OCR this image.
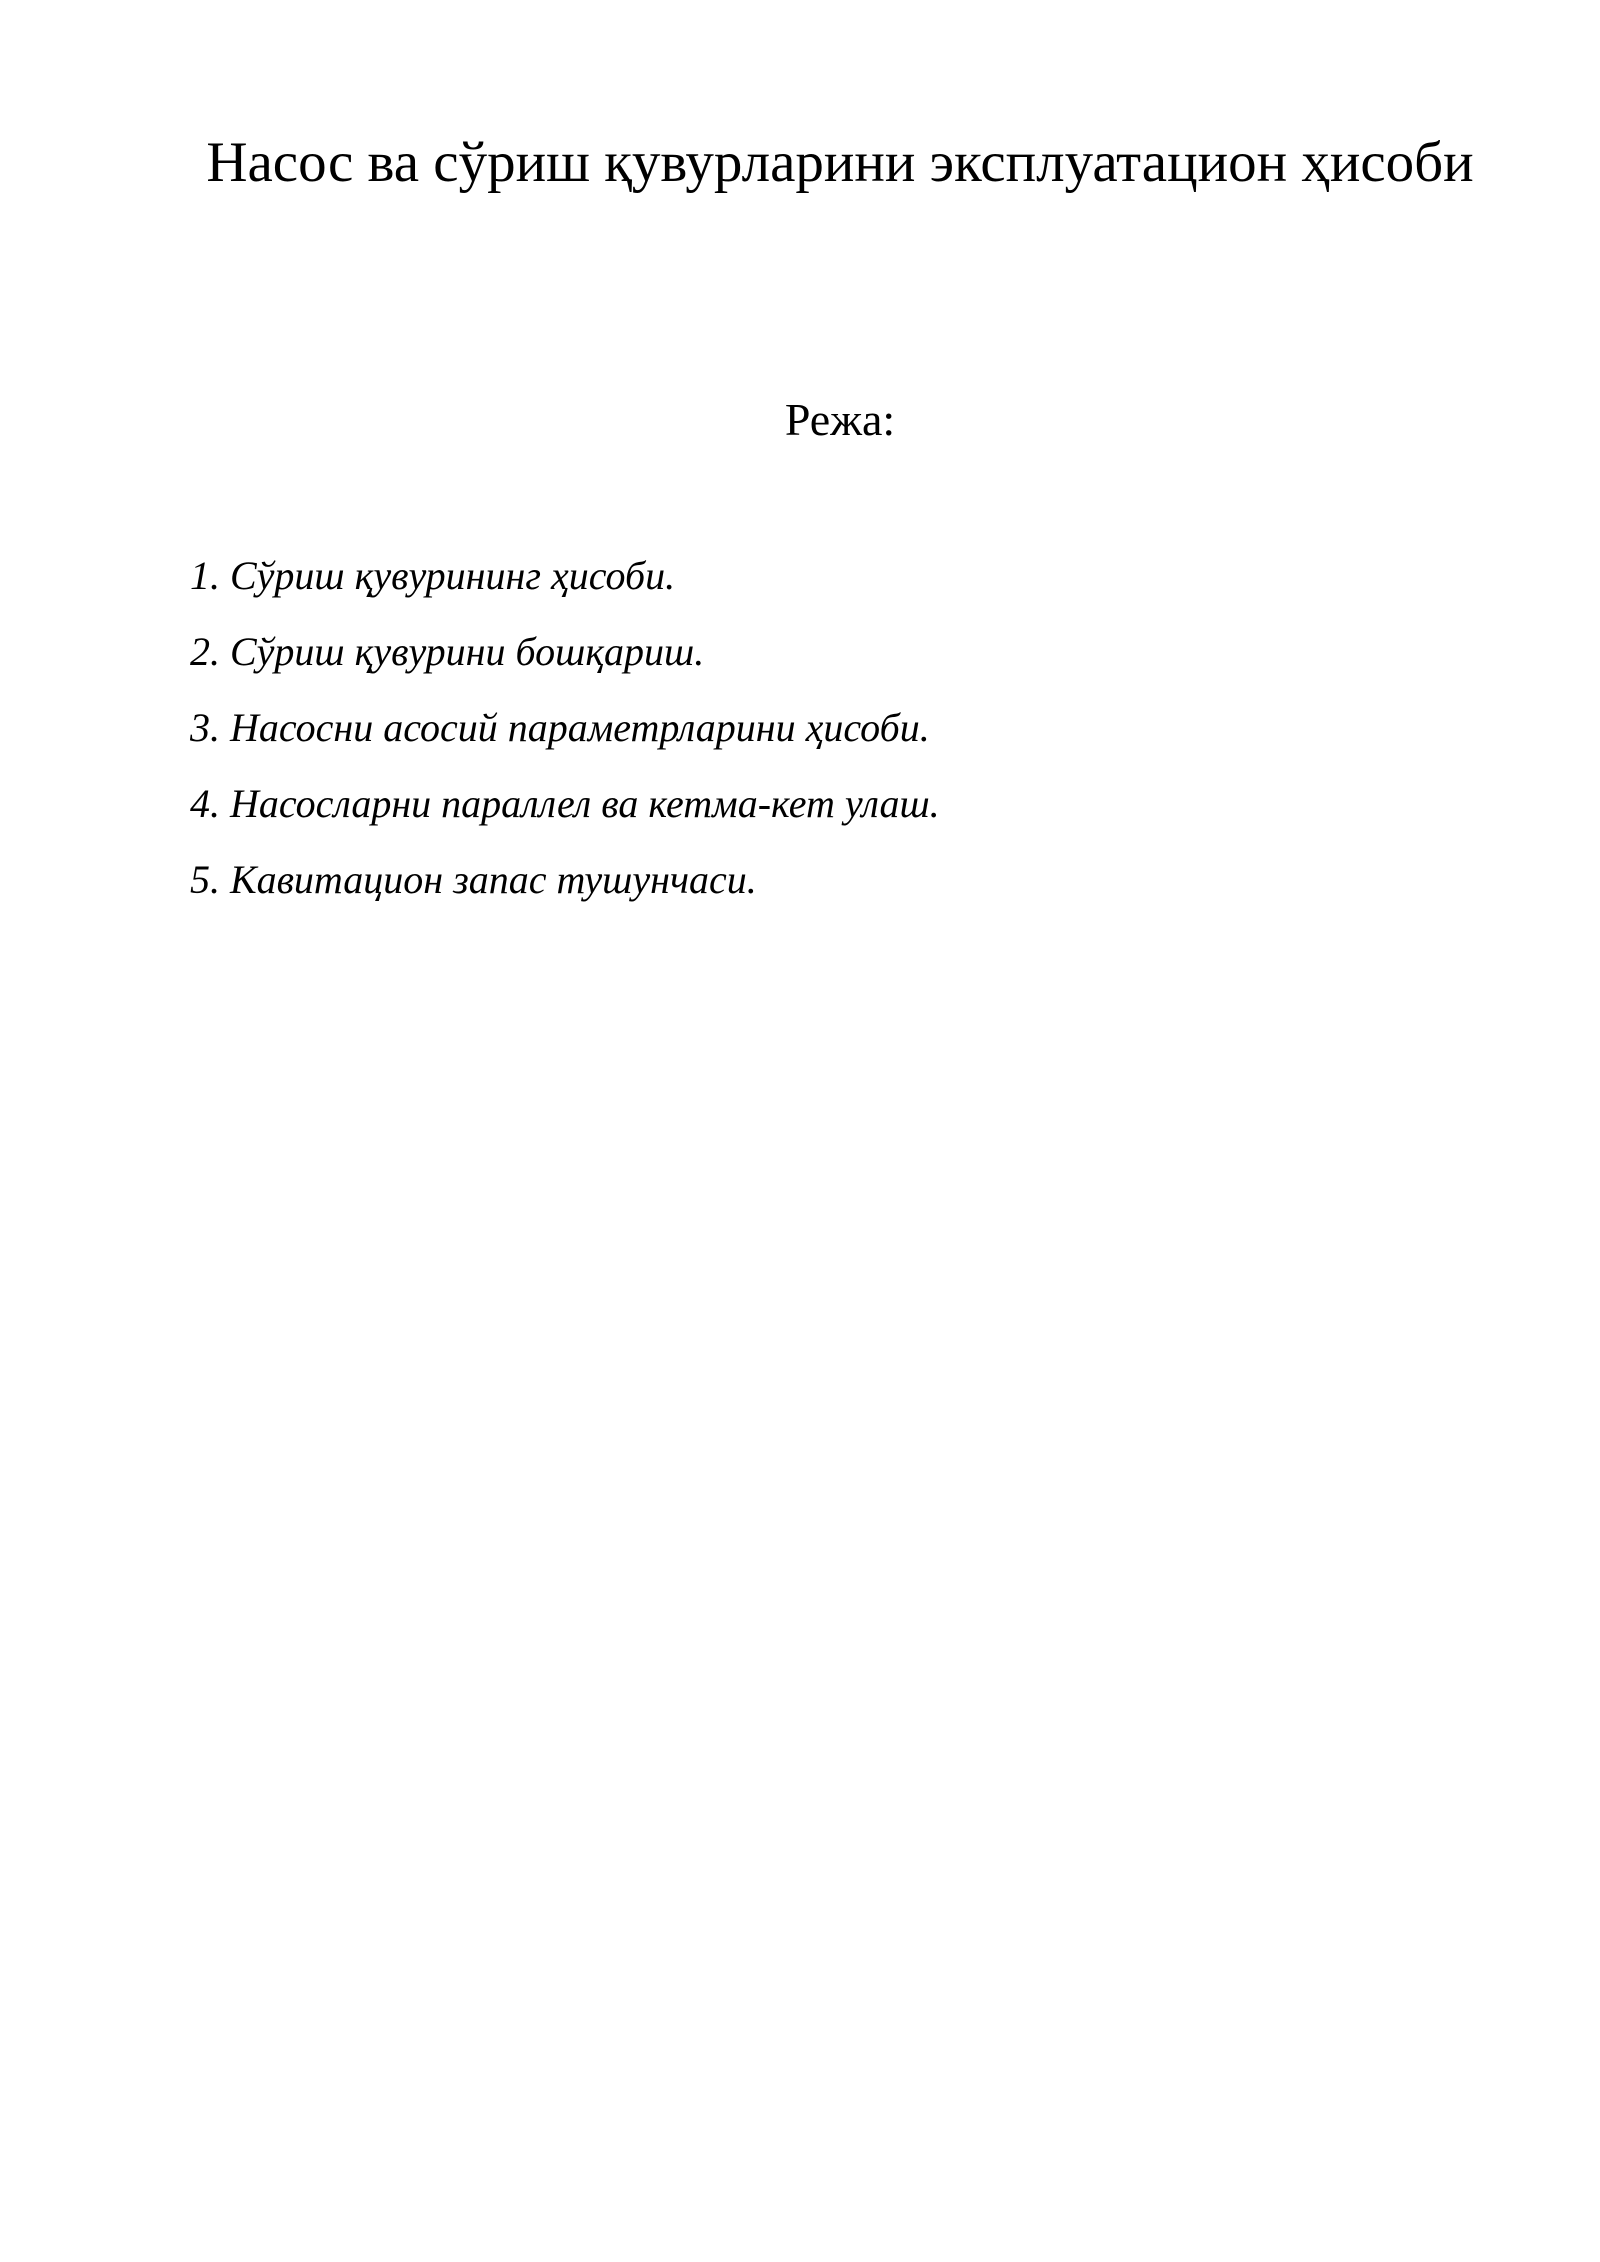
Насос ва сўриш қувурларини эксплуатацион ҳисоби
Режа:
1. Сўриш қувурининг ҳисоби.
2. Сўриш қувурини бошқариш.
3. Насосни асосий параметрларини ҳисоби.
4. Насосларни параллел ва кетма-кет улаш.
5. Кавитацион запас тушунчаси.
